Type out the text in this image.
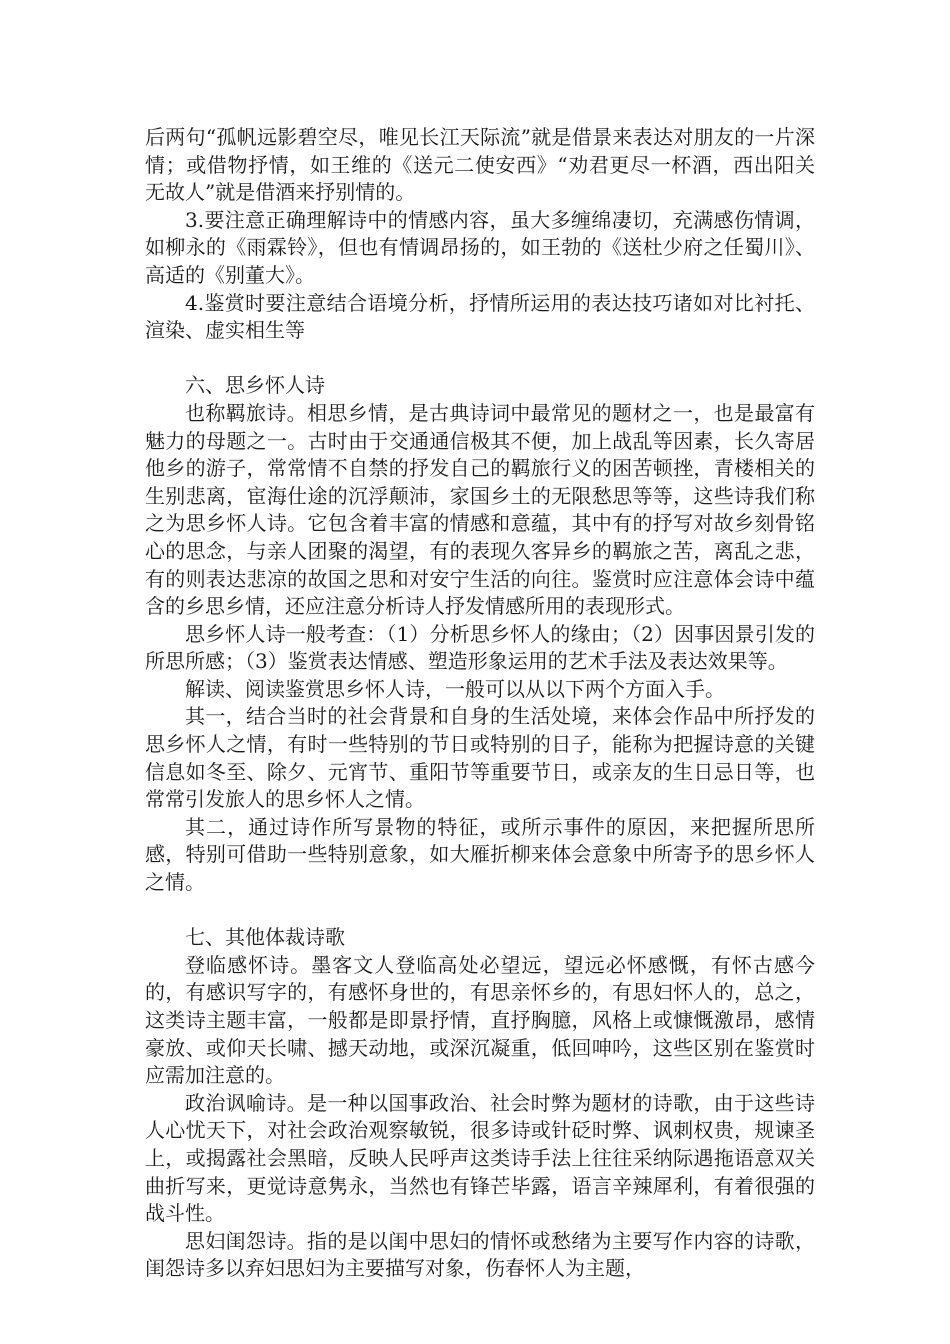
后两句“孤帆远影碧空尽，唯见长江天际流”就是借景来表达对朋友的一片深情；或借物抒情，如王维的《送元二使安西》“劝君更尽一杯酒，西出阳关无故人”就是借酒来抒别情的。

3.要注意正确理解诗中的情感内容，虽大多缠绵凄切，充满感伤情调，如柳永的《雨霖铃》，但也有情调昂扬的，如王勃的《送杜少府之任蜀川》、高适的《别董大》。

4.鉴赏时要注意结合语境分析，抒情所运用的表达技巧诸如对比衬托、渲染、虚实相生等

六、思乡怀人诗

也称羁旅诗。相思乡情，是古典诗词中最常见的题材之一，也是最富有魅力的母题之一。古时由于交通通信极其不便，加上战乱等因素，长久寄居他乡的游子，常常情不自禁的抒发自己的羁旅行义的困苦顿挫，青楼相关的生别悲离，宦海仕途的沉浮颠沛，家国乡土的无限愁思等等，这些诗我们称之为思乡怀人诗。它包含着丰富的情感和意蕴，其中有的抒写对故乡刻骨铭心的思念，与亲人团聚的渴望，有的表现久客异乡的羁旅之苦，离乱之悲，有的则表达悲凉的故国之思和对安宁生活的向往。鉴赏时应注意体会诗中蕴含的乡思乡情，还应注意分析诗人抒发情感所用的表现形式。

思乡怀人诗一般考查：（1）分析思乡怀人的缘由；（2）因事因景引发的所思所感；（3）鉴赏表达情感、塑造形象运用的艺术手法及表达效果等。

解读、阅读鉴赏思乡怀人诗，一般可以从以下两个方面入手。

其一，结合当时的社会背景和自身的生活处境，来体会作品中所抒发的思乡怀人之情，有时一些特别的节日或特别的日子，能称为把握诗意的关键信息如冬至、除夕、元宵节、重阳节等重要节日，或亲友的生日忌日等，也常常引发旅人的思乡怀人之情。

其二，通过诗作所写景物的特征，或所示事件的原因，来把握所思所感，特别可借助一些特别意象，如大雁折柳来体会意象中所寄予的思乡怀人之情。

七、其他体裁诗歌

登临感怀诗。墨客文人登临高处必望远，望远必怀感慨，有怀古感今的，有感识写字的，有感怀身世的，有思亲怀乡的，有思妇怀人的，总之，这类诗主题丰富，一般都是即景抒情，直抒胸臆，风格上或慷慨激昂，感情豪放、或仰天长啸、撼天动地，或深沉凝重，低回呻吟，这些区别在鉴赏时应需加注意的。

政治讽喻诗。是一种以国事政治、社会时弊为题材的诗歌，由于这些诗人心忧天下，对社会政治观察敏锐，很多诗或针砭时弊、讽刺权贵，规谏圣上，或揭露社会黑暗，反映人民呼声这类诗手法上往往采纳际遇拖语意双关曲折写来，更觉诗意隽永，当然也有锋芒毕露，语言辛辣犀利，有着很强的战斗性。

思妇闺怨诗。指的是以闺中思妇的情怀或愁绪为主要写作内容的诗歌，闺怨诗多以弃妇思妇为主要描写对象，伤春怀人为主题，
